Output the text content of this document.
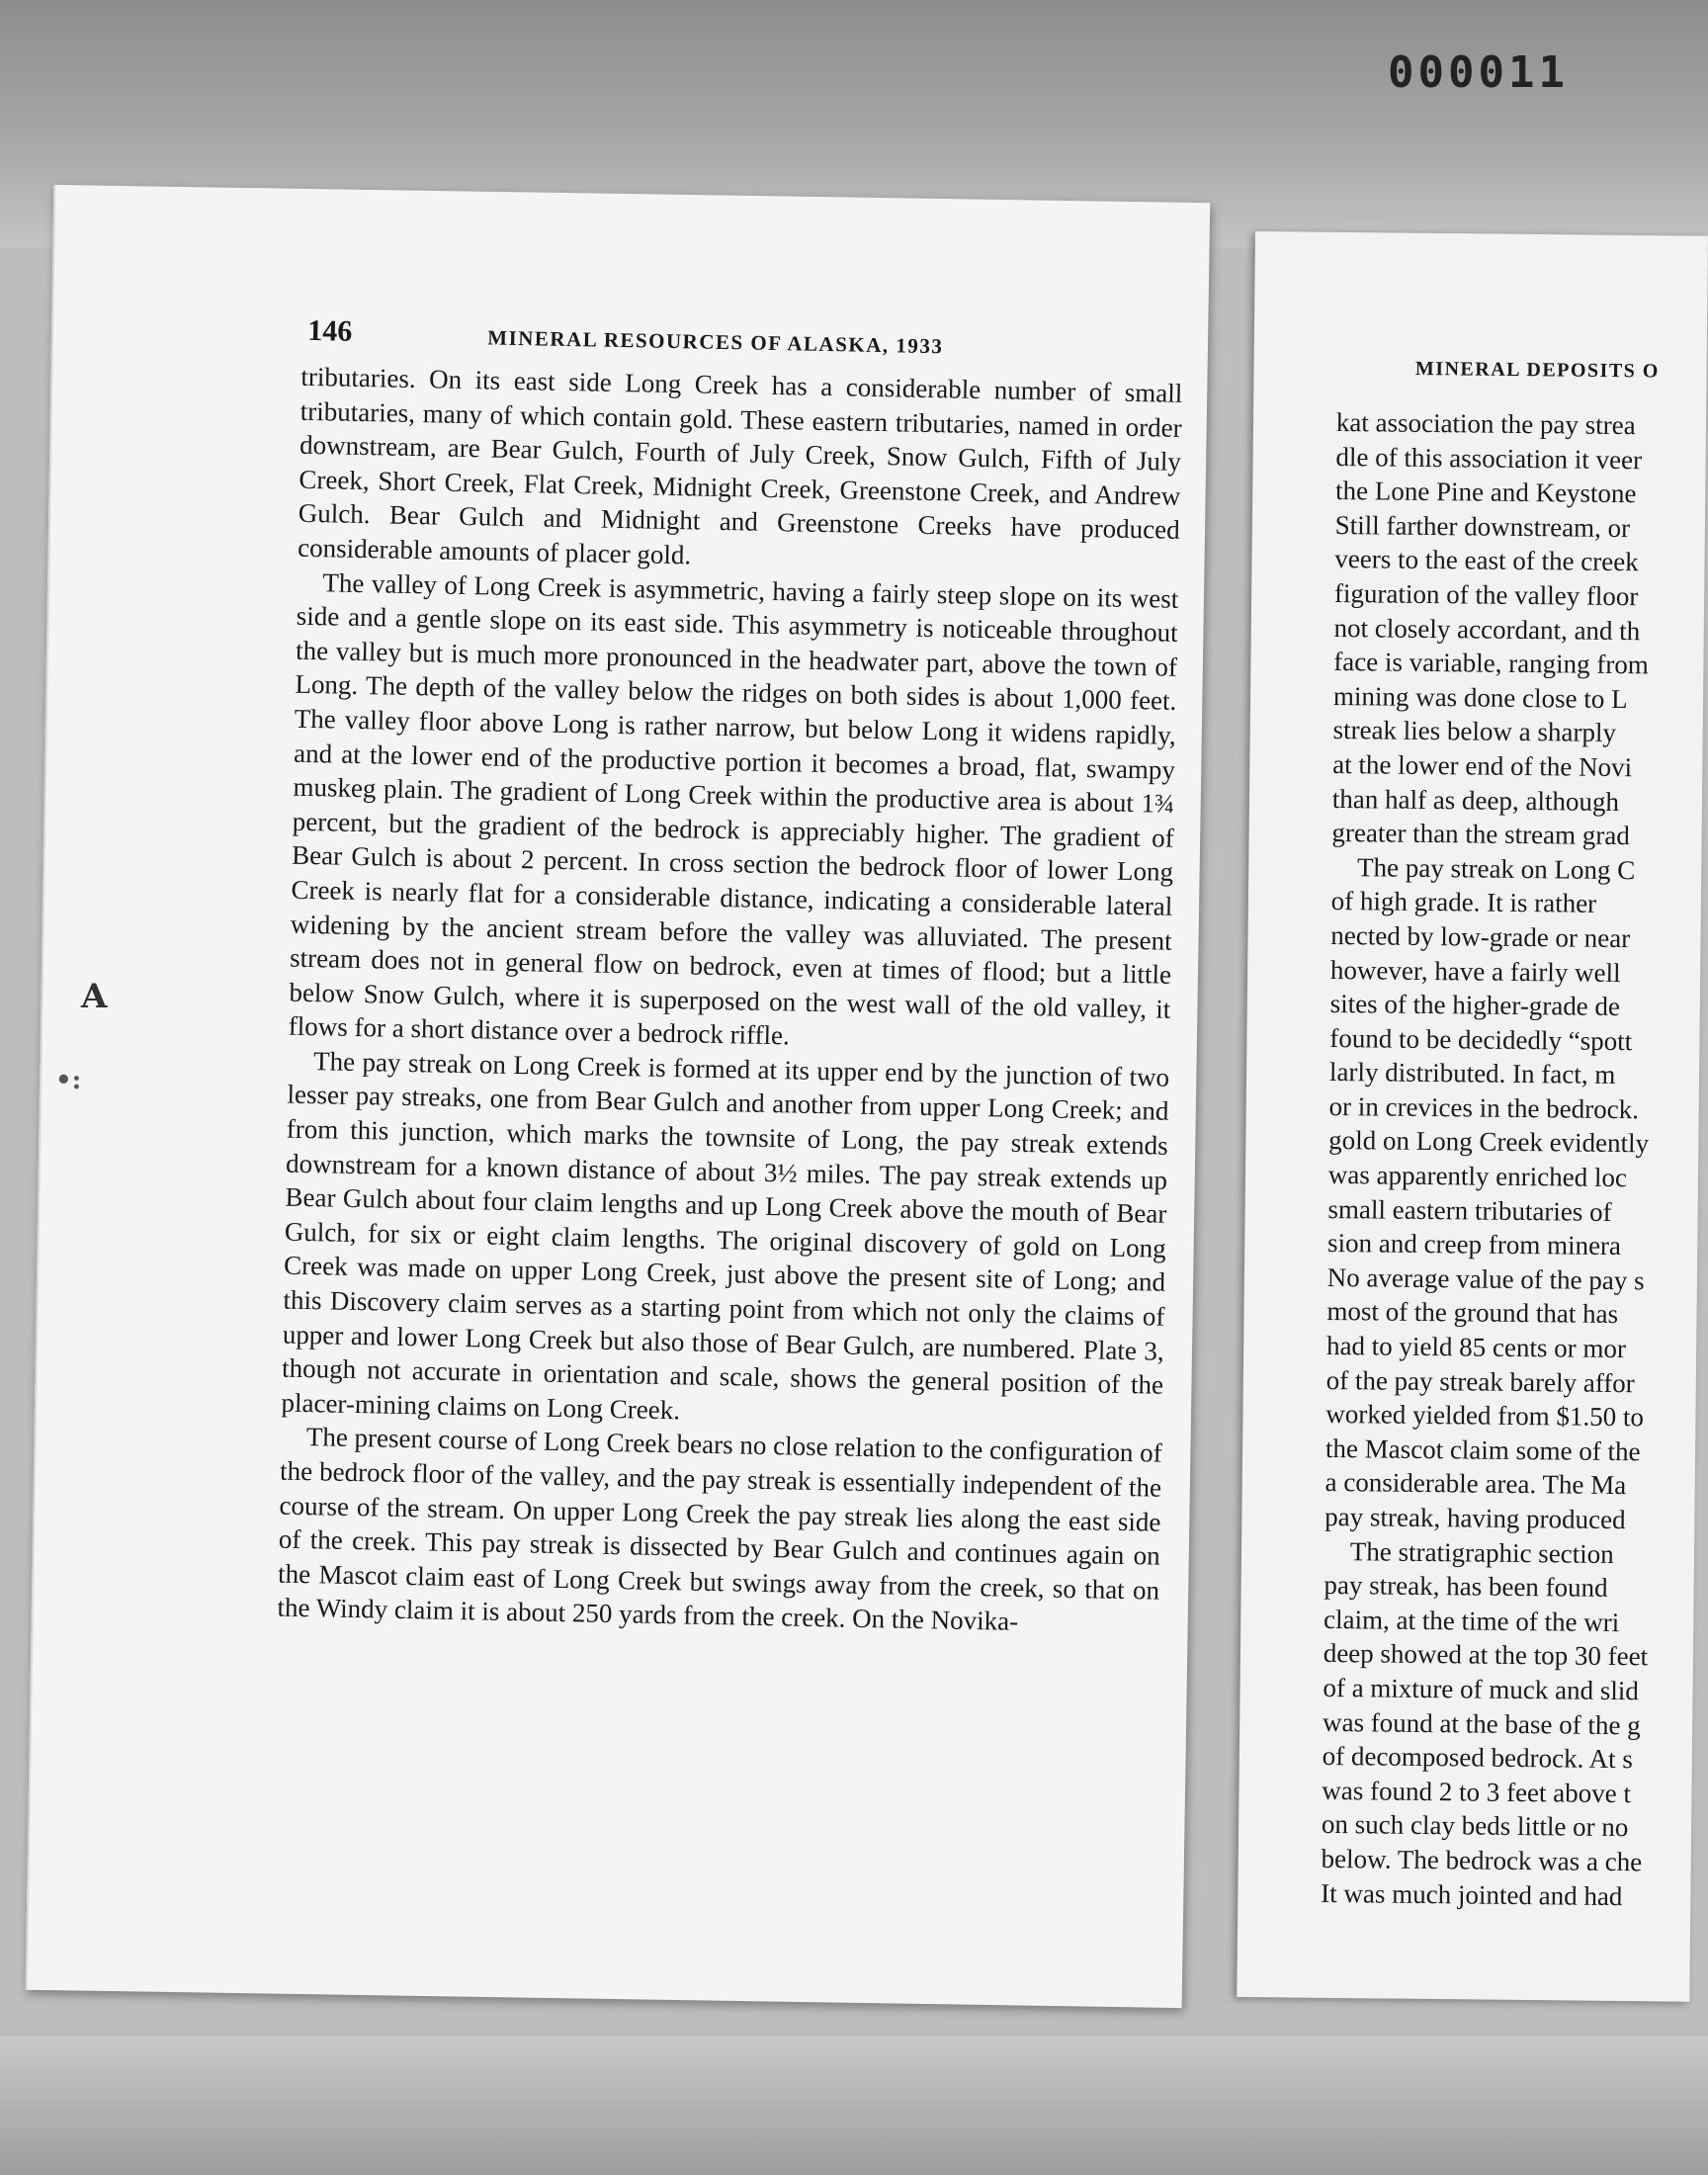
000011
MINERAL DEPOSITS O
kat association the pay strea
dle of this association it veer
the Lone Pine and Keystone
Still farther downstream, or
veers to the east of the creek
figuration of the valley floor
not closely accordant, and th
face is variable, ranging from
mining was done close to L
streak lies below a sharply
at the lower end of the Novi
than half as deep, although
greater than the stream grad
The pay streak on Long C
of high grade. It is rather
nected by low-grade or near
however, have a fairly well
sites of the higher-grade de
found to be decidedly “spott
larly distributed. In fact, m
or in crevices in the bedrock.
gold on Long Creek evidently
was apparently enriched loc
small eastern tributaries of
sion and creep from minera
No average value of the pay s
most of the ground that has
had to yield 85 cents or mor
of the pay streak barely affor
worked yielded from $1.50 to
the Mascot claim some of the
a considerable area. The Ma
pay streak, having produced
The stratigraphic section
pay streak, has been found
claim, at the time of the wri
deep showed at the top 30 feet
of a mixture of muck and slid
was found at the base of the g
of decomposed bedrock. At s
was found 2 to 3 feet above t
on such clay beds little or no
below. The bedrock was a che
It was much jointed and had
146	MINERAL RESOURCES OF ALASKA, 1933

tributaries. On its east side Long Creek has a considerable number of small tributaries, many of which contain gold. These eastern tributaries, named in order downstream, are Bear Gulch, Fourth of July Creek, Snow Gulch, Fifth of July Creek, Short Creek, Flat Creek, Midnight Creek, Greenstone Creek, and Andrew Gulch. Bear Gulch and Midnight and Greenstone Creeks have produced considerable amounts of placer gold.

The valley of Long Creek is asymmetric, having a fairly steep slope on its west side and a gentle slope on its east side. This asymmetry is noticeable throughout the valley but is much more pronounced in the headwater part, above the town of Long. The depth of the valley below the ridges on both sides is about 1,000 feet. The valley floor above Long is rather narrow, but below Long it widens rapidly, and at the lower end of the productive portion it becomes a broad, flat, swampy muskeg plain. The gradient of Long Creek within the productive area is about 1¾ percent, but the gradient of the bedrock is appreciably higher. The gradient of Bear Gulch is about 2 percent. In cross section the bedrock floor of lower Long Creek is nearly flat for a considerable distance, indicating a considerable lateral widening by the ancient stream before the valley was alluviated. The present stream does not in general flow on bedrock, even at times of flood; but a little below Snow Gulch, where it is superposed on the west wall of the old valley, it flows for a short distance over a bedrock riffle.

The pay streak on Long Creek is formed at its upper end by the junction of two lesser pay streaks, one from Bear Gulch and another from upper Long Creek; and from this junction, which marks the townsite of Long, the pay streak extends downstream for a known distance of about 3½ miles. The pay streak extends up Bear Gulch about four claim lengths and up Long Creek above the mouth of Bear Gulch, for six or eight claim lengths. The original discovery of gold on Long Creek was made on upper Long Creek, just above the present site of Long; and this Discovery claim serves as a starting point from which not only the claims of upper and lower Long Creek but also those of Bear Gulch, are numbered. Plate 3, though not accurate in orientation and scale, shows the general position of the placer-mining claims on Long Creek.

The present course of Long Creek bears no close relation to the configuration of the bedrock floor of the valley, and the pay streak is essentially independent of the course of the stream. On upper Long Creek the pay streak lies along the east side of the creek. This pay streak is dissected by Bear Gulch and continues again on the Mascot claim east of Long Creek but swings away from the creek, so that on the Windy claim it is about 250 yards from the creek. On the Novika-

A
•:
